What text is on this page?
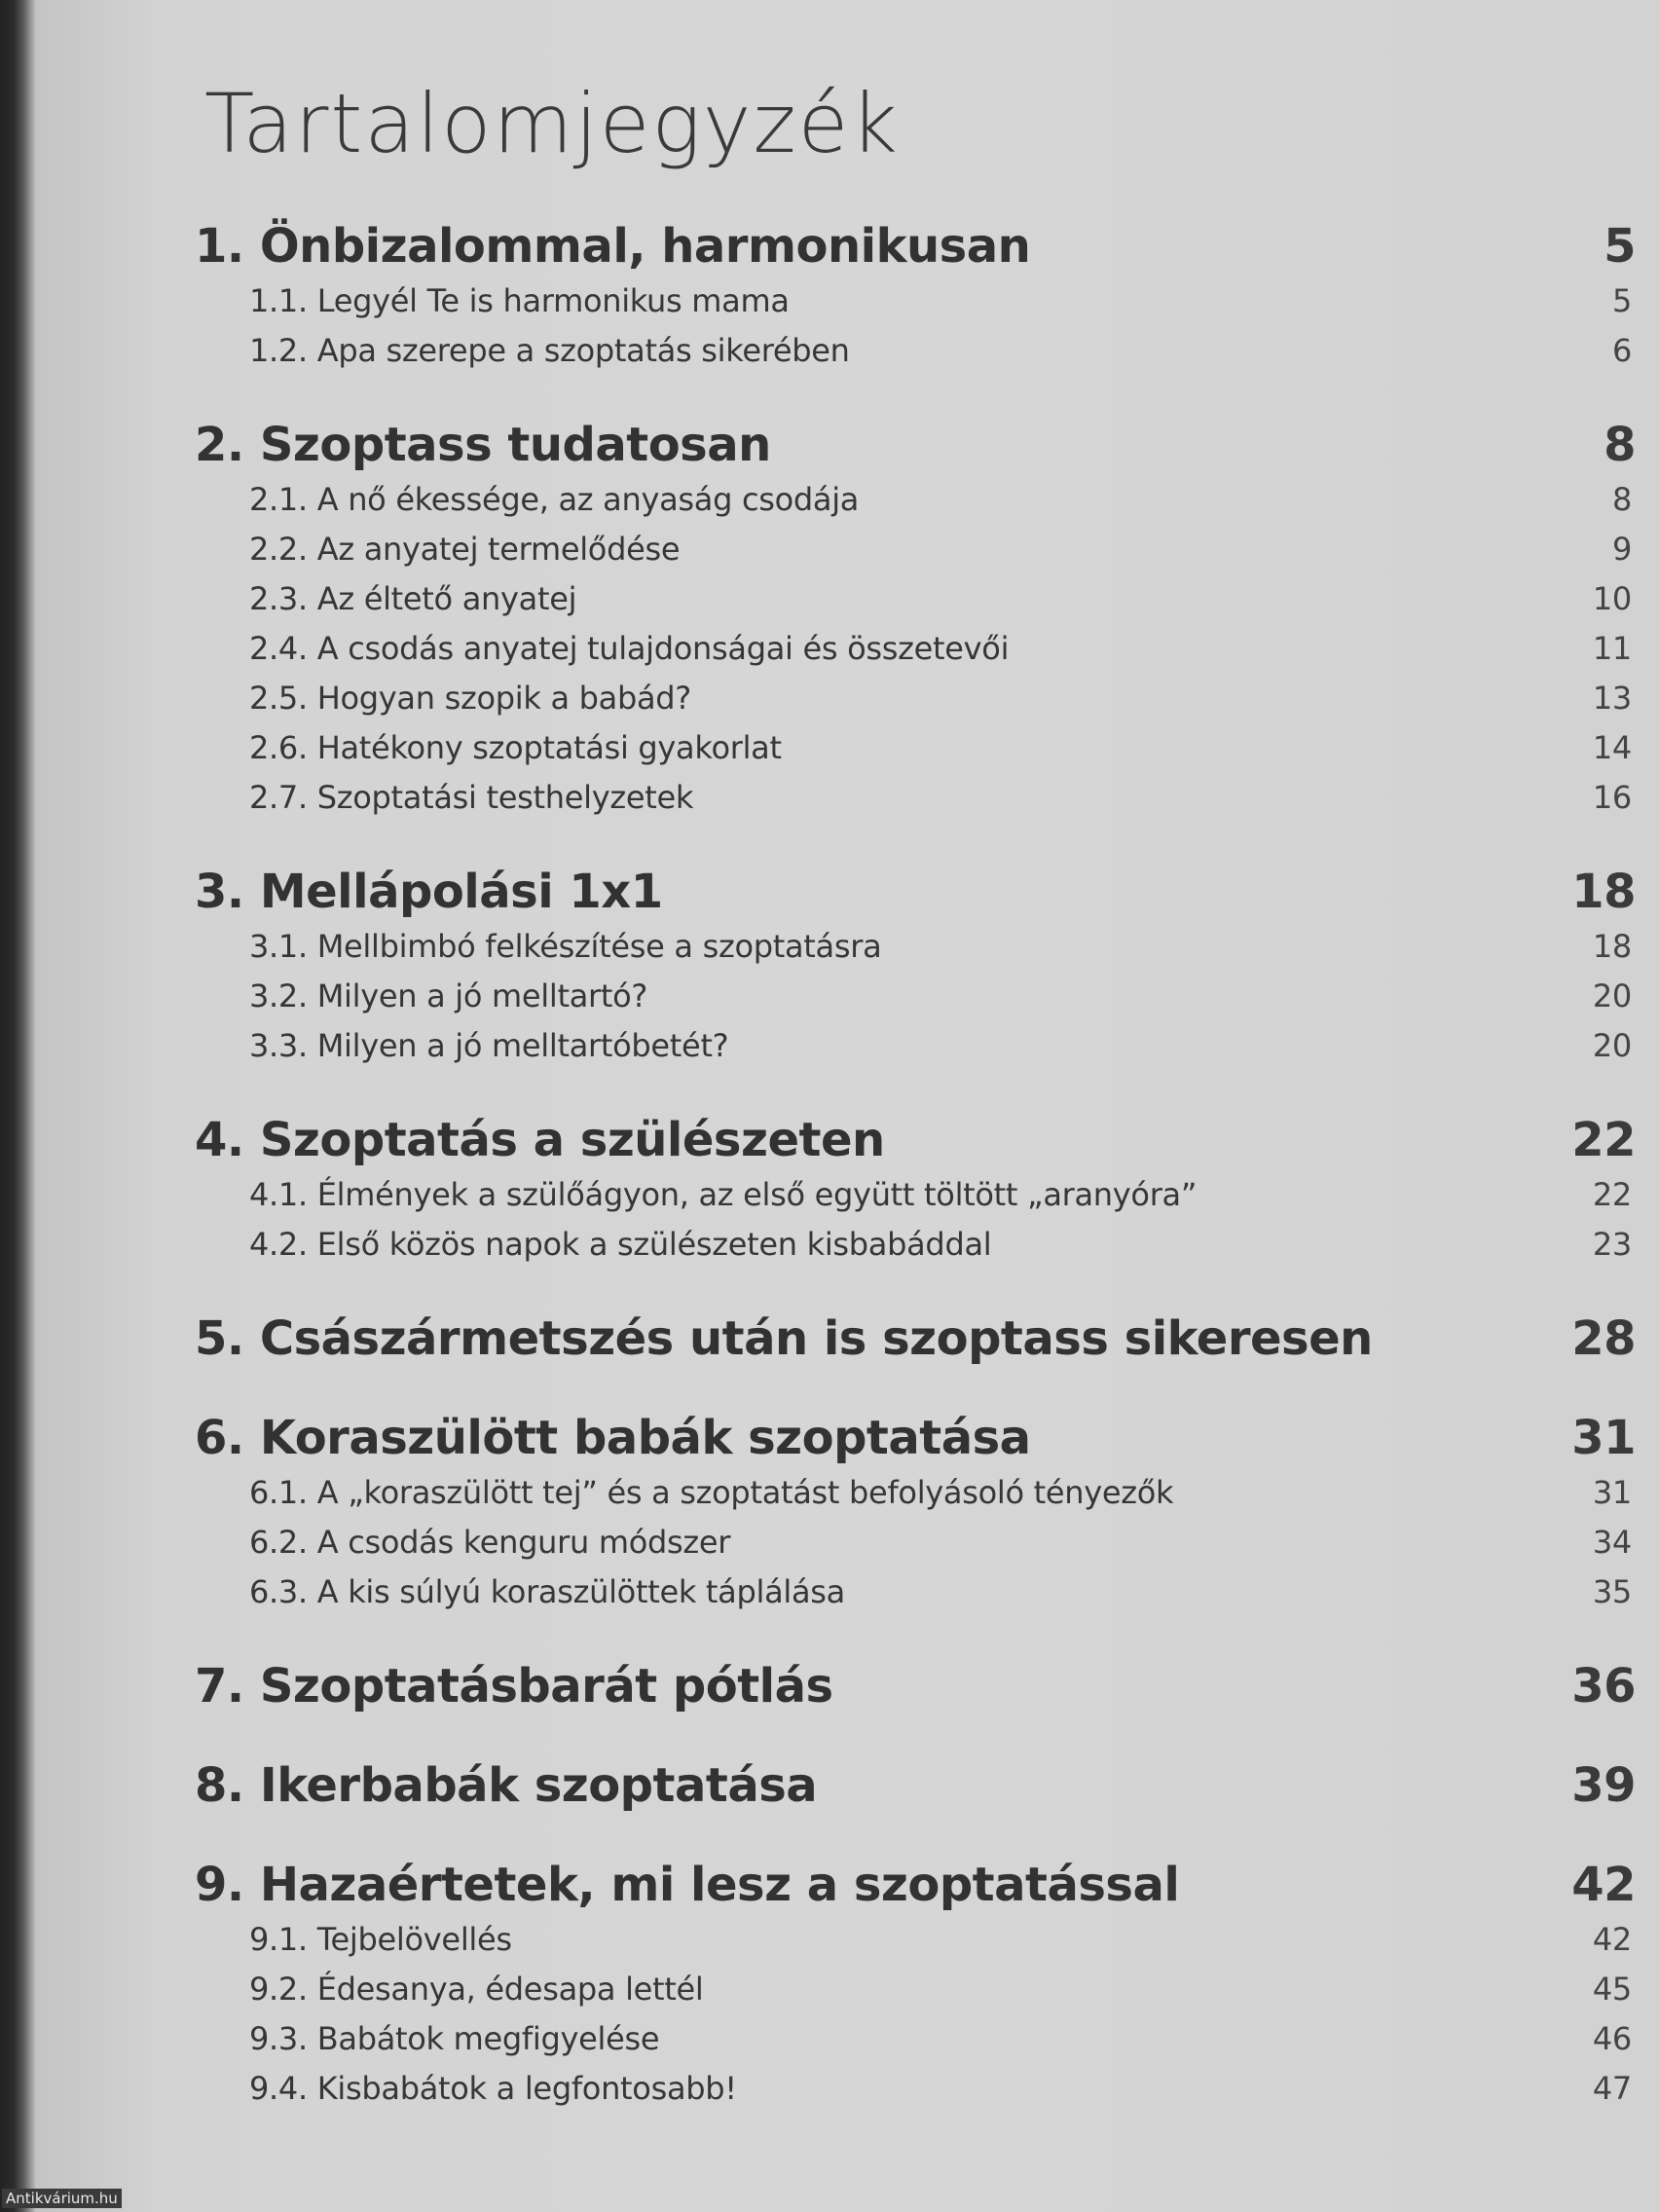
Tartalomjegyzék
1. Önbizalommal, harmonikusan	5
1.1. Legyél Te is harmonikus mama	5
1.2. Apa szerepe a szoptatás sikerében	6
2. Szoptass tudatosan	8
2.1. A nő ékessége, az anyaság csodája	8
2.2. Az anyatej termelődése	9
2.3. Az éltető anyatej	10
2.4. A csodás anyatej tulajdonságai és összetevői	11
2.5. Hogyan szopik a babád?	13
2.6. Hatékony szoptatási gyakorlat	14
2.7. Szoptatási testhelyzetek	16
3. Mellápolási 1x1	18
3.1. Mellbimbó felkészítése a szoptatásra	18
3.2. Milyen a jó melltartó?	20
3.3. Milyen a jó melltartóbetét?	20
4. Szoptatás a szülészeten	22
4.1. Élmények a szülőágyon, az első együtt töltött „aranyóra”	22
4.2. Első közös napok a szülészeten kisbabáddal	23
5. Császármetszés után is szoptass sikeresen	28
6. Koraszülött babák szoptatása	31
6.1. A „koraszülött tej” és a szoptatást befolyásoló tényezők	31
6.2. A csodás kenguru módszer	34
6.3. A kis súlyú koraszülöttek táplálása	35
7. Szoptatásbarát pótlás	36
8. Ikerbabák szoptatása	39
9. Hazaértetek, mi lesz a szoptatással	42
9.1. Tejbelövellés	42
9.2. Édesanya, édesapa lettél	45
9.3. Babátok megfigyelése	46
9.4. Kisbabátok a legfontosabb!	47
Antikvárium.hu
